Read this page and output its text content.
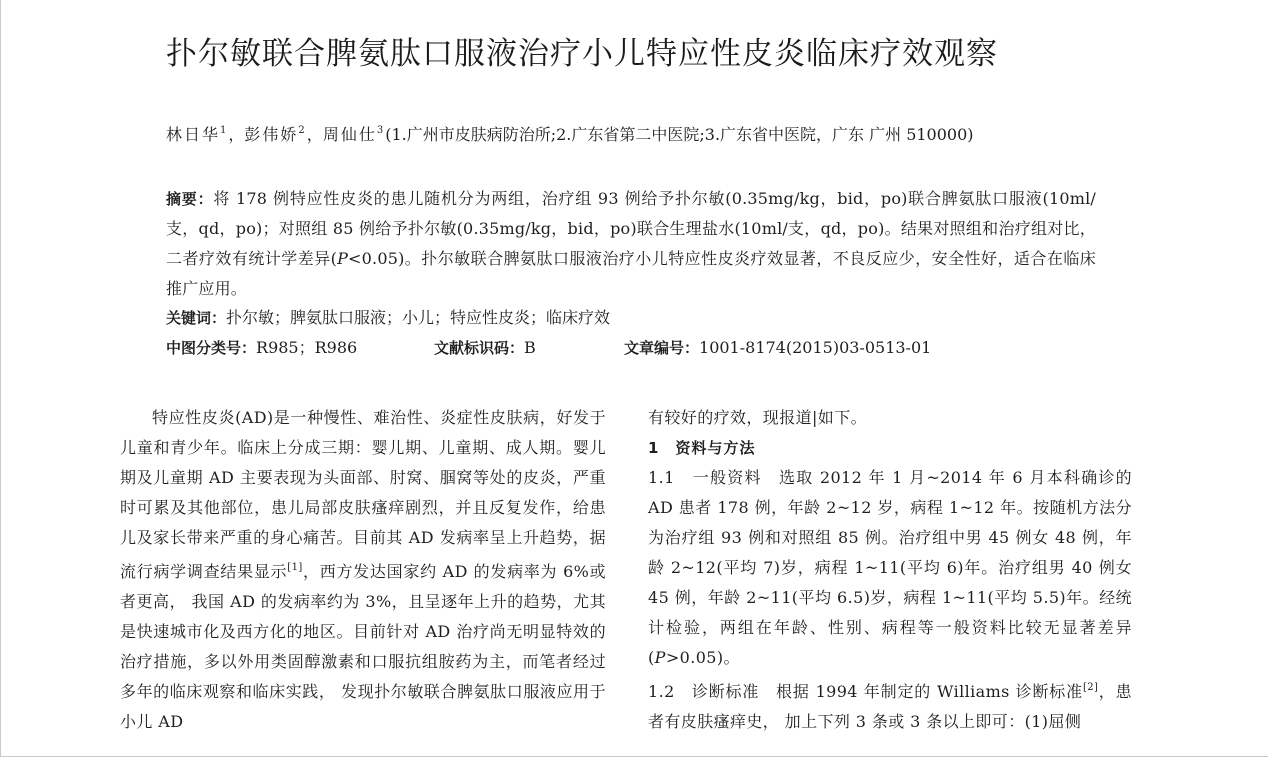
扑尔敏联合脾氨肽口服液治疗小儿特应性皮炎临床疗效观察
林日华$^1$ ，彭伟娇$^2$ ，周仙仕$^3$ (1.广州市皮肤病防治所;2.广东省第二中医院;3.广东省中医院，广东 广州 510000)
摘要：将 178 例特应性皮炎的患儿随机分为两组，治疗组 93 例给予扑尔敏(0.35mg/kg，bid，po)联合脾氨肽口服液(10ml/支，qd，po)；对照组 85 例给予扑尔敏(0.35mg/kg，bid，po)联合生理盐水(10ml/支，qd，po)。结果对照组和治疗组对比，二者疗效有统计学差异(P<0.05)。扑尔敏联合脾氨肽口服液治疗小儿特应性皮炎疗效显著，不良反应少，安全性好，适合在临床推广应用。
关键词：扑尔敏；脾氨肽口服液；小儿；特应性皮炎；临床疗效
中图分类号：R985；R986	文献标识码：B	文章编号：1001-8174(2015)03-0513-01

特应性皮炎(AD)是一种慢性、难治性、炎症性皮肤病，好发于儿童和青少年。临床上分成三期：婴儿期、儿童期、成人期。婴儿期及儿童期 AD 主要表现为头面部、肘窝、腘窝等处的皮炎，严重时可累及其他部位，患儿局部皮肤瘙痒剧烈，并且反复发作，给患儿及家长带来严重的身心痛苦。目前其 AD 发病率呈上升趋势，据流行病学调查结果显示[1]，西方发达国家约 AD 的发病率为 6%或者更高， 我国 AD 的发病率约为 3%，且呈逐年上升的趋势，尤其是快速城市化及西方化的地区。目前针对 AD 治疗尚无明显特效的治疗措施，多以外用类固醇激素和口服抗组胺药为主，而笔者经过多年的临床观察和临床实践， 发现扑尔敏联合脾氨肽口服液应用于小儿 AD

有较好的疗效，现报道|如下。

1　资料与方法

1.1　一般资料　选取 2012 年 1 月~2014 年 6 月本科确诊的 AD 患者 178 例，年龄 2~12 岁，病程 1~12 年。按随机方法分为治疗组 93 例和对照组 85 例。治疗组中男 45 例女 48 例，年龄 2~12(平均 7)岁，病程 1~11(平均 6)年。治疗组男 40 例女 45 例，年龄 2~11(平均 6.5)岁，病程 1~11(平均 5.5)年。经统计检验，两组在年龄、性别、病程等一般资料比较无显著差异(P>0.05)。

1.2　诊断标准　根据 1994 年制定的 Williams 诊断标准[2]，患者有皮肤瘙痒史， 加上下列 3 条或 3 条以上即可：(1)屈侧
